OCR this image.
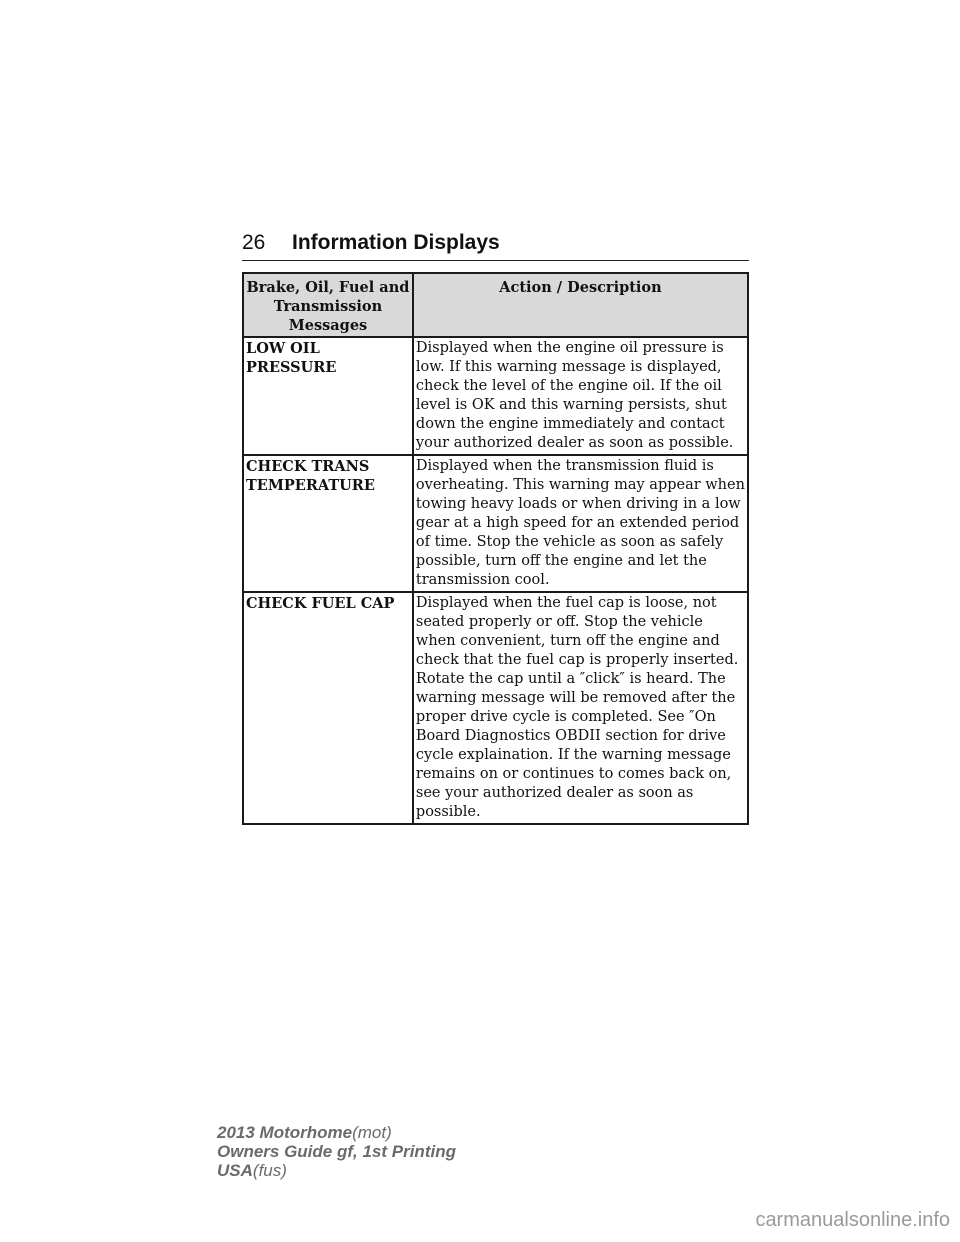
26 Information Displays
Brake, Oil, Fuel and Transmission Messages	Action / Description
LOW OIL PRESSURE	Displayed when the engine oil pressure is low. If this warning message is displayed, check the level of the engine oil. If the oil level is OK and this warning persists, shut down the engine immediately and contact your authorized dealer as soon as possible.
CHECK TRANS TEMPERATURE	Displayed when the transmission fluid is overheating. This warning may appear when towing heavy loads or when driving in a low gear at a high speed for an extended period of time. Stop the vehicle as soon as safely possible, turn off the engine and let the transmission cool.
CHECK FUEL CAP	Displayed when the fuel cap is loose, not seated properly or off. Stop the vehicle when convenient, turn off the engine and check that the fuel cap is properly inserted. Rotate the cap until a ″click″ is heard. The warning message will be removed after the proper drive cycle is completed. See ″On Board Diagnostics OBDII section for drive cycle explaination. If the warning message remains on or continues to comes back on, see your authorized dealer as soon as possible.
2013 Motorhome(mot)
Owners Guide gf, 1st Printing
USA(fus)
carmanualsonline.info
